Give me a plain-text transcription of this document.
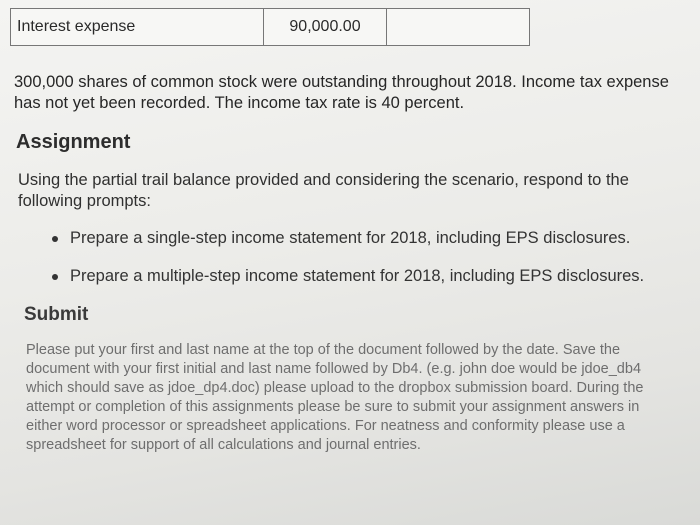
Interest expense	90,000.00	
300,000 shares of common stock were outstanding throughout 2018. Income tax expense has not yet been recorded. The income tax rate is 40 percent.
Assignment
Using the partial trail balance provided and considering the scenario, respond to the following prompts:
Prepare a single-step income statement for 2018, including EPS disclosures.
Prepare a multiple-step income statement for 2018, including EPS disclosures.
Submit
Please put your first and last name at the top of the document followed by the date. Save the document with your first initial and last name followed by Db4. (e.g. john doe would be jdoe_db4 which should save as jdoe_dp4.doc) please upload to the dropbox submission board. During the attempt or completion of this assignments please be sure to submit your assignment answers in either word processor or spreadsheet applications. For neatness and conformity please use a spreadsheet for support of all calculations and journal entries.
